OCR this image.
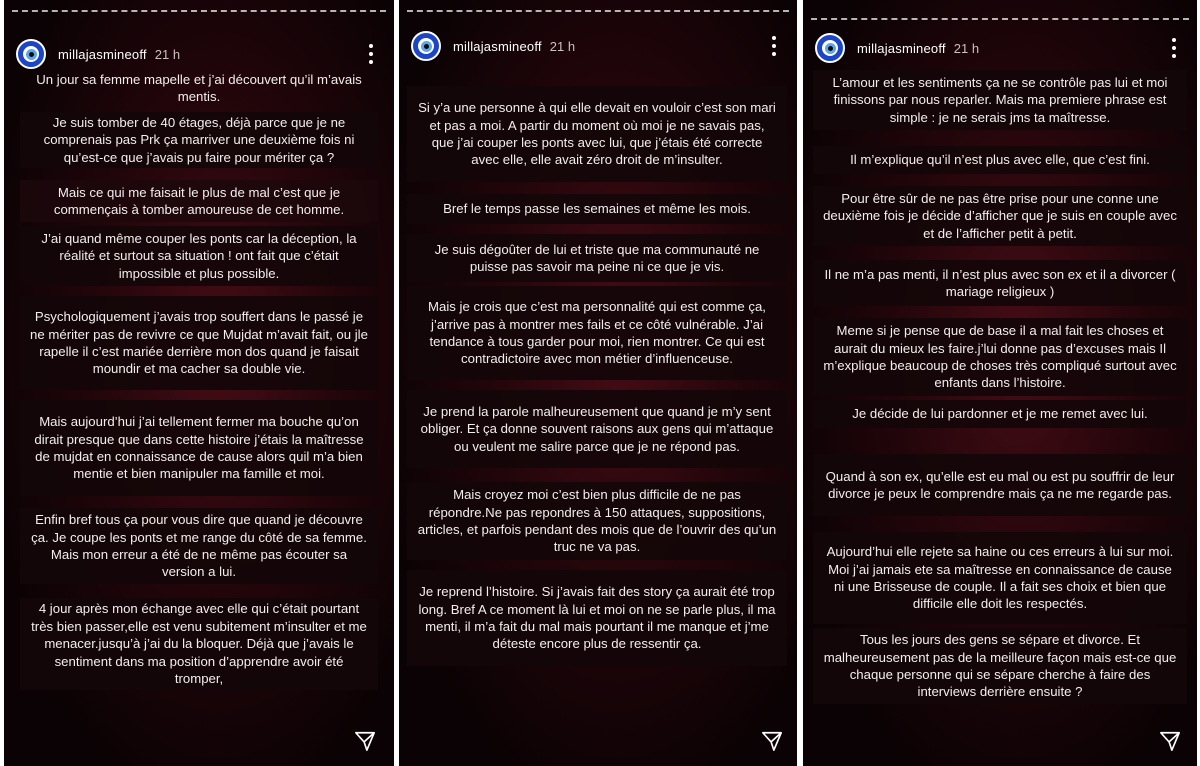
millajasmineoff 21 h
Un jour sa femme mapelle et j’ai découvert qu’il m’avais mentis.
Je suis tomber de 40 étages, déjà parce que je ne comprenais pas Prk ça marriver une deuxième fois ni qu’est-ce que j’avais pu faire pour mériter ça ?
Mais ce qui me faisait le plus de mal c’est que je commençais à tomber amoureuse de cet homme.
J’ai quand même couper les ponts car la déception, la réalité et surtout sa situation ! ont fait que c’était impossible et plus possible.
Psychologiquement j’avais trop souffert dans le passé je ne mériter pas de revivre ce que Mujdat m’avait fait, ou jle rapelle il c’est mariée derrière mon dos quand je faisait moundir et ma cacher sa double vie.
Mais aujourd’hui j’ai tellement fermer ma bouche qu’on dirait presque que dans cette histoire j’étais la maîtresse de mujdat en connaissance de cause alors quil m’a bien mentie et bien manipuler ma famille et moi.
Enfin bref tous ça pour vous dire que quand je découvre ça. Je coupe les ponts et me range du côté de sa femme. Mais mon erreur a été de ne même pas écouter sa version a lui.
4 jour après mon échange avec elle qui c’était pourtant très bien passer,elle est venu subitement m’insulter et me menacer.jusqu’à j’ai du la bloquer. Déjà que j’avais le sentiment dans ma position d’apprendre avoir été tromper,
millajasmineoff 21 h
Si y’a une personne à qui elle devait en vouloir c’est son mari et pas a moi. A partir du moment où moi je ne savais pas, que j’ai couper les ponts avec lui, que j’étais été correcte avec elle, elle avait zéro droit de m’insulter.
Bref le temps passe les semaines et même les mois.
Je suis dégoûter de lui et triste que ma communauté ne puisse pas savoir ma peine ni ce que je vis.
Mais je crois que c’est ma personnalité qui est comme ça, j’arrive pas à montrer mes fails et ce côté vulnérable. J’ai tendance à tous garder pour moi, rien montrer. Ce qui est contradictoire avec mon métier d’influenceuse.
Je prend la parole malheureusement que quand je m’y sent obliger. Et ça donne souvent raisons aux gens qui m’attaque ou veulent me salire parce que je ne répond pas.
Mais croyez moi c’est bien plus difficile de ne pas répondre.Ne pas repondres à 150 attaques, suppositions, articles, et parfois pendant des mois que de l’ouvrir des qu’un truc ne va pas.
Je reprend l’histoire. Si j’avais fait des story ça aurait été trop long. Bref A ce moment là lui et moi on ne se parle plus, il ma menti, il m’a fait du mal mais pourtant il me manque et j’me déteste encore plus de ressentir ça.
millajasmineoff 21 h
L’amour et les sentiments ça ne se contrôle pas lui et moi finissons par nous reparler. Mais ma premiere phrase est simple : je ne serais jms ta maîtresse.
Il m’explique qu’il n’est plus avec elle, que c’est fini.
Pour être sûr de ne pas être prise pour une conne une deuxième fois je décide d’afficher que je suis en couple avec et de l’afficher petit à petit.
Il ne m’a pas menti, il n’est plus avec son ex et il a divorcer ( mariage religieux )
Meme si je pense que de base il a mal fait les choses et aurait du mieux les faire.j’lui donne pas d’excuses mais Il m’explique beaucoup de choses très compliqué surtout avec enfants dans l’histoire.
Je décide de lui pardonner et je me remet avec lui.
Quand à son ex, qu’elle est eu mal ou est pu souffrir de leur divorce je peux le comprendre mais ça ne me regarde pas.
Aujourd’hui elle rejete sa haine ou ces erreurs à lui sur moi. Moi j’ai jamais ete sa maîtresse en connaissance de cause ni une Brisseuse de couple. Il a fait ses choix et bien que difficile elle doit les respectés.
Tous les jours des gens se sépare et divorce. Et malheureusement pas de la meilleure façon mais est-ce que chaque personne qui se sépare cherche à faire des interviews derrière ensuite ?
